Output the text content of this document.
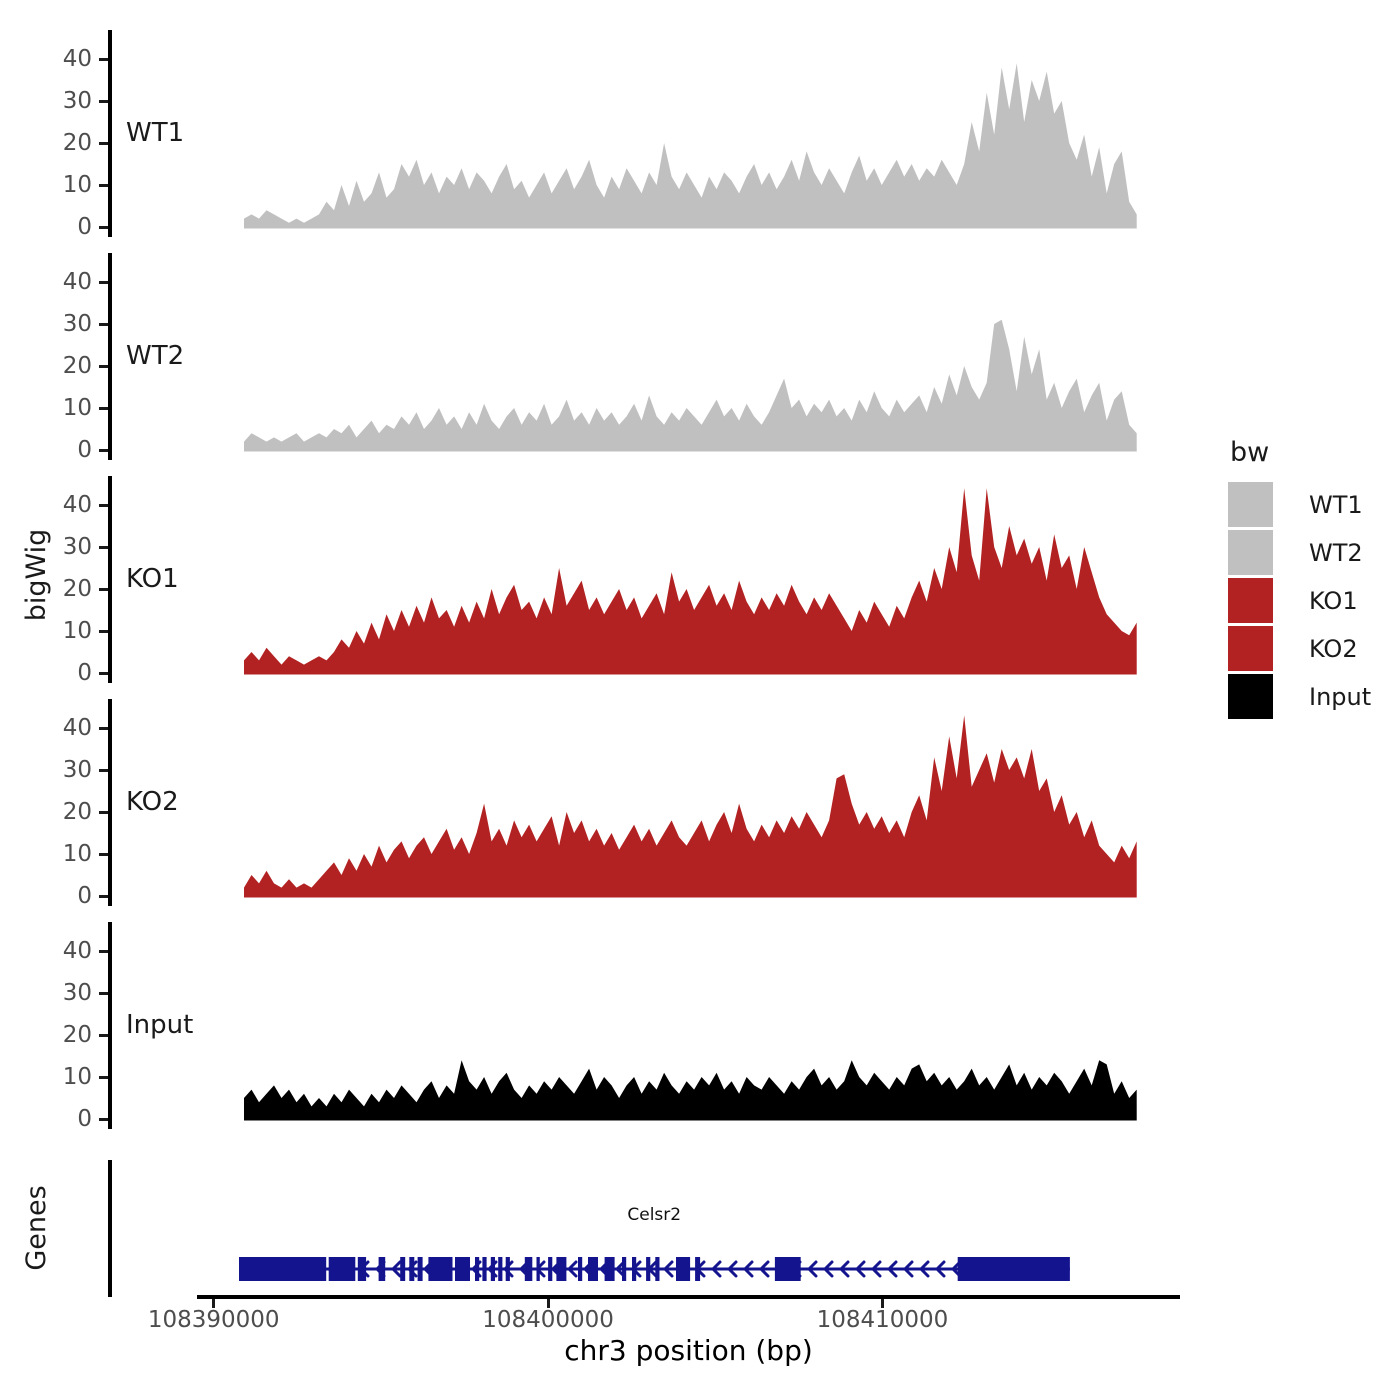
bigWig
Genes
0
10
20
30
40
WT1
0
10
20
30
40
WT2
0
10
20
30
40
KO1
0
10
20
30
40
KO2
0
10
20
30
40
Input
Celsr2
108390000	108400000	108410000
chr3 position (bp)
bw
WT1
WT2
KO1
KO2
Input
